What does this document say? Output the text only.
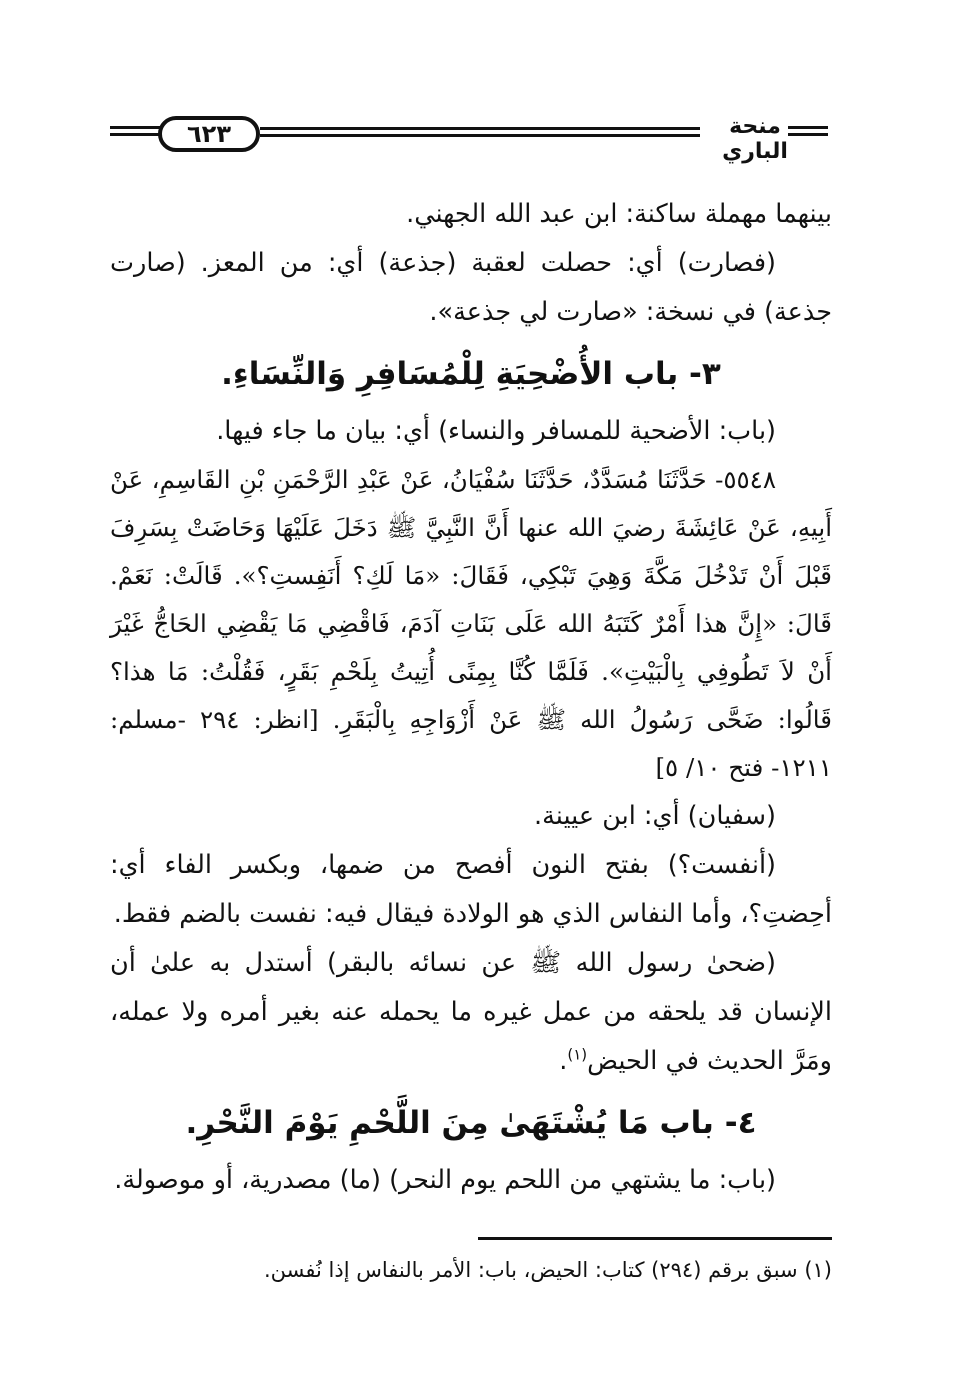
٦٢٣	منحة الباري

بينهما مهملة ساكنة: ابن عبد الله الجهني.

(فصارت) أي: حصلت لعقبة (جذعة) أي: من المعز. (صارت جذعة) في نسخة: «صارت لي جذعة».

٣- باب الأُضْحِيَةِ لِلْمُسَافِرِ وَالنِّسَاءِ.

(باب: الأضحية للمسافر والنساء) أي: بيان ما جاء فيها.

٥٥٤٨- حَدَّثَنَا مُسَدَّدٌ، حَدَّثَنَا سُفْيَانُ، عَنْ عَبْدِ الرَّحْمَنِ بْنِ القَاسِمِ، عَنْ أَبِيهِ، عَنْ عَائِشَةَ رضيَ الله عنها أَنَّ النَّبِيَّ ﷺ دَخَلَ عَلَيْهَا وَحَاضَتْ بِسَرِفَ قَبْلَ أَنْ تَدْخُلَ مَكَّةَ وَهِيَ تَبْكِي، فَقَالَ: «مَا لَكِ؟ أَنَفِستِ؟». قَالَتْ: نَعَمْ. قَالَ: «إِنَّ هذا أَمْرٌ كَتَبَهُ الله عَلَى بَنَاتِ آدَمَ، فَاقْضِي مَا يَقْضِي الحَاجُّ غَيْرَ أَنْ لاَ تَطُوفِي بِالْبَيْتِ». فَلَمَّا كُنَّا بِمِنًى أُتِيتُ بِلَحْمِ بَقَرٍ، فَقُلْتُ: مَا هذا؟ قَالُوا: ضَحَّى رَسُولُ الله ﷺ عَنْ أَزْوَاجِهِ بِالْبَقَرِ. [انظر: ٢٩٤ -مسلم: ١٢١١- فتح ١٠/ ٥]

(سفيان) أي: ابن عيينة.

(أنفست؟) بفتح النون أفصح من ضمها، وبكسر الفاء أي: أحِضتِ؟، وأما النفاس الذي هو الولادة فيقال فيه: نفست بالضم فقط.

(ضحىٰ رسول الله ﷺ عن نسائه بالبقر) أستدل به علىٰ أن الإنسان قد يلحقه من عمل غيره ما يحمله عنه بغير أمره ولا عمله، ومَرَّ الحديث في الحيض$^{(١)}$.

٤- باب مَا يُشْتَهَىٰ مِنَ اللَّحْمِ يَوْمَ النَّحْرِ.

(باب: ما يشتهي من اللحم يوم النحر) (ما) مصدرية، أو موصولة.

(١) سبق برقم (٢٩٤) كتاب: الحيض، باب: الأمر بالنفاس إذا نُفسن.
